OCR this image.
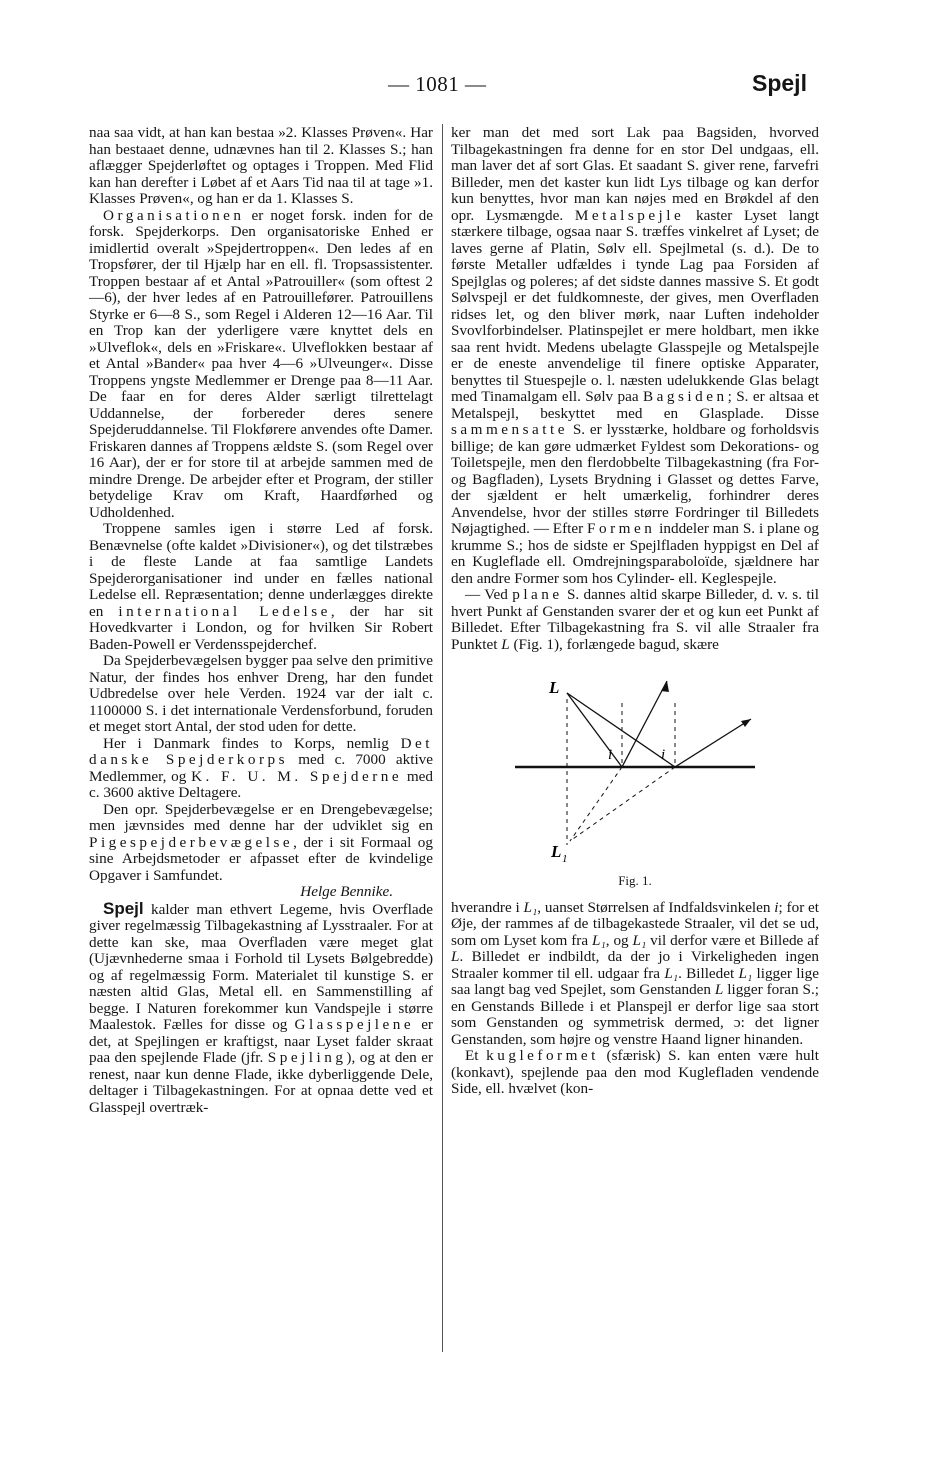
— 1081 —	Spejl

naa saa vidt, at han kan bestaa »2. Klasses Prøven«. Har han bestaaet denne, udnævnes han til 2. Klasses S.; han aflægger Spejderløftet og optages i Troppen. Med Flid kan han derefter i Løbet af et Aars Tid naa til at tage »1. Klasses Prøven«, og han er da 1. Klasses S.

Organisationen er noget forsk. inden for de forsk. Spejderkorps. Den organisatoriske Enhed er imidlertid overalt »Spejdertroppen«. Den ledes af en Tropsfører, der til Hjælp har en ell. fl. Tropsassistenter. Troppen bestaar af et Antal »Patrouiller« (som oftest 2—6), der hver ledes af en Patrouillefører. Patrouillens Styrke er 6—8 S., som Regel i Alderen 12—16 Aar. Til en Trop kan der yderligere være knyttet dels en »Ulveflok«, dels en »Friskare«. Ulveflokken bestaar af et Antal »Bander« paa hver 4—6 »Ulveunger«. Disse Troppens yngste Medlemmer er Drenge paa 8—11 Aar. De faar en for deres Alder særligt tilrettelagt Uddannelse, der forbereder deres senere Spejderuddannelse. Til Flokførere anvendes ofte Damer. Friskaren dannes af Troppens ældste S. (som Regel over 16 Aar), der er for store til at arbejde sammen med de mindre Drenge. De arbejder efter et Program, der stiller betydelige Krav om Kraft, Haardførhed og Udholdenhed.

Troppene samles igen i større Led af forsk. Benævnelse (ofte kaldet »Divisioner«), og det tilstræbes i de fleste Lande at faa samtlige Landets Spejderorganisationer ind under en fælles national Ledelse ell. Repræsentation; denne underlægges direkte en international Ledelse, der har sit Hovedkvarter i London, og for hvilken Sir Robert Baden-Powell er Verdensspejderchef.

Da Spejderbevægelsen bygger paa selve den primitive Natur, der findes hos enhver Dreng, har den fundet Udbredelse over hele Verden. 1924 var der ialt c. 1100000 S. i det internationale Verdensforbund, foruden et meget stort Antal, der stod uden for dette.

Her i Danmark findes to Korps, nemlig Det danske Spejderkorps med c. 7000 aktive Medlemmer, og K. F. U. M. Spejderne med c. 3600 aktive Deltagere.

Den opr. Spejderbevægelse er en Drengebevægelse; men jævnsides med denne har der udviklet sig en Pigespejderbevægelse, der i sit Formaal og sine Arbejdsmetoder er afpasset efter de kvindelige Opgaver i Samfundet.

Helge Bennike.

Spejl kalder man ethvert Legeme, hvis Overflade giver regelmæssig Tilbagekastning af Lysstraaler. For at dette kan ske, maa Overfladen være meget glat (Ujævnhederne smaa i Forhold til Lysets Bølgebredde) og af regelmæssig Form. Materialet til kunstige S. er næsten altid Glas, Metal ell. en Sammenstilling af begge. I Naturen forekommer kun Vandspejle i større Maalestok. Fælles for disse og Glasspejlene er det, at Spejlingen er kraftigst, naar Lyset falder skraat paa den spejlende Flade (jfr. Spejling), og at den er renest, naar kun denne Flade, ikke dyberliggende Dele, deltager i Tilbagekastningen. For at opnaa dette ved et Glasspejl overtræk-

ker man det med sort Lak paa Bagsiden, hvorved Tilbagekastningen fra denne for en stor Del undgaas, ell. man laver det af sort Glas. Et saadant S. giver rene, farvefri Billeder, men det kaster kun lidt Lys tilbage og kan derfor kun benyttes, hvor man kan nøjes med en Brøkdel af den opr. Lysmængde. Metalspejle kaster Lyset langt stærkere tilbage, ogsaa naar S. træffes vinkelret af Lyset; de laves gerne af Platin, Sølv ell. Spejlmetal (s. d.). De to første Metaller udfældes i tynde Lag paa Forsiden af Spejlglas og poleres; af det sidste dannes massive S. Et godt Sølvspejl er det fuldkomneste, der gives, men Overfladen ridses let, og den bliver mørk, naar Luften indeholder Svovlforbindelser. Platinspejlet er mere holdbart, men ikke saa rent hvidt. Medens ubelagte Glasspejle og Metalspejle er de eneste anvendelige til finere optiske Apparater, benyttes til Stuespejle o. l. næsten udelukkende Glas belagt med Tinamalgam ell. Sølv paa Bagsiden; S. er altsaa et Metalspejl, beskyttet med en Glasplade. Disse sammensatte S. er lysstærke, holdbare og forholdsvis billige; de kan gøre udmærket Fyldest som Dekorations- og Toiletspejle, men den flerdobbelte Tilbagekastning (fra For- og Bagfladen), Lysets Brydning i Glasset og dettes Farve, der sjældent er helt umærkelig, forhindrer deres Anvendelse, hvor der stilles større Fordringer til Billedets Nøjagtighed. — Efter Formen inddeler man S. i plane og krumme S.; hos de sidste er Spejlfladen hyppigst en Del af en Kugleflade ell. Omdrejningsparaboloïde, sjældnere har den andre Former som hos Cylinder- ell. Keglespejle.

— Ved plane S. dannes altid skarpe Billeder, d. v. s. til hvert Punkt af Genstanden svarer der et og kun eet Punkt af Billedet. Efter Tilbagekastning fra S. vil alle Straaler fra Punktet L (Fig. 1), forlængede bagud, skære

L
i	i
L 1
Fig. 1.

hverandre i L₁, uanset Størrelsen af Indfaldsvinkelen i; for et Øje, der rammes af de tilbagekastede Straaler, vil det se ud, som om Lyset kom fra L₁, og L₁ vil derfor være et Billede af L. Billedet er indbildt, da der jo i Virkeligheden ingen Straaler kommer til ell. udgaar fra L₁. Billedet L₁ ligger lige saa langt bag ved Spejlet, som Genstanden L ligger foran S.; en Genstands Billede i et Planspejl er derfor lige saa stort som Genstanden og symmetrisk dermed, ɔ: det ligner Genstanden, som højre og venstre Haand ligner hinanden.

Et kugleformet (sfærisk) S. kan enten være hult (konkavt), spejlende paa den mod Kuglefladen vendende Side, ell. hvælvet (kon-
